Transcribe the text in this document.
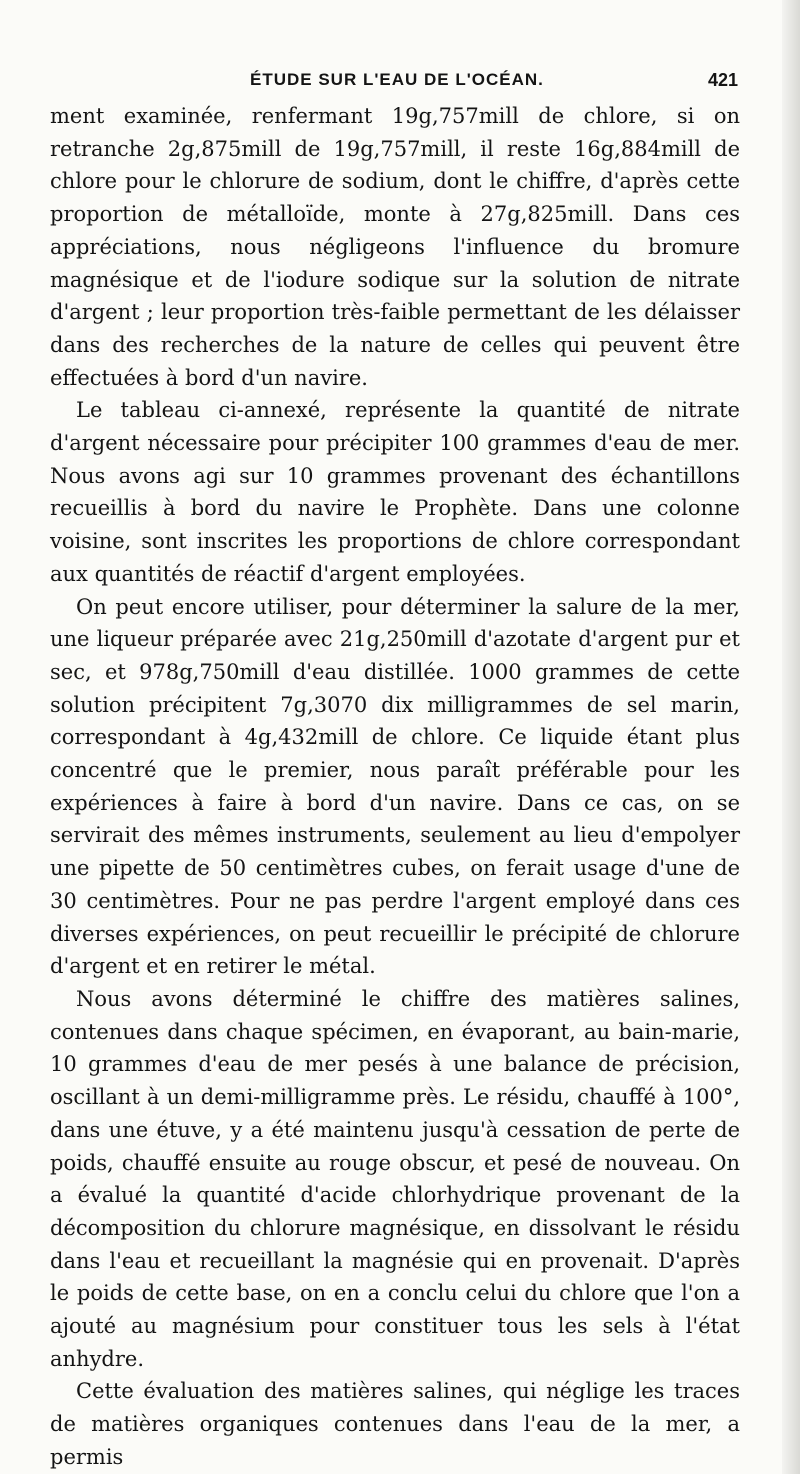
ÉTUDE SUR L'EAU DE L'OCÉAN.	421

ment examinée, renfermant 19g,757mill de chlore, si on retranche 2g,875mill de 19g,757mill, il reste 16g,884mill de chlore pour le chlorure de sodium, dont le chiffre, d'après cette proportion de métalloïde, monte à 27g,825mill. Dans ces appréciations, nous négligeons l'influence du bromure magnésique et de l'iodure sodique sur la solution de nitrate d'argent ; leur proportion très-faible permettant de les délaisser dans des recherches de la nature de celles qui peuvent être effectuées à bord d'un navire.

Le tableau ci-annexé, représente la quantité de nitrate d'argent nécessaire pour précipiter 100 grammes d'eau de mer. Nous avons agi sur 10 grammes provenant des échantillons recueillis à bord du navire le Prophète. Dans une colonne voisine, sont inscrites les proportions de chlore correspondant aux quantités de réactif d'argent employées.

On peut encore utiliser, pour déterminer la salure de la mer, une liqueur préparée avec 21g,250mill d'azotate d'argent pur et sec, et 978g,750mill d'eau distillée. 1000 grammes de cette solution précipitent 7g,3070 dix milligrammes de sel marin, correspondant à 4g,432mill de chlore. Ce liquide étant plus concentré que le premier, nous paraît préférable pour les expériences à faire à bord d'un navire. Dans ce cas, on se servirait des mêmes instruments, seulement au lieu d'empolyer une pipette de 50 centimètres cubes, on ferait usage d'une de 30 centimètres. Pour ne pas perdre l'argent employé dans ces diverses expériences, on peut recueillir le précipité de chlorure d'argent et en retirer le métal.

Nous avons déterminé le chiffre des matières salines, contenues dans chaque spécimen, en évaporant, au bain-marie, 10 grammes d'eau de mer pesés à une balance de précision, oscillant à un demi-milligramme près. Le résidu, chauffé à 100°, dans une étuve, y a été maintenu jusqu'à cessation de perte de poids, chauffé ensuite au rouge obscur, et pesé de nouveau. On a évalué la quantité d'acide chlorhydrique provenant de la décomposition du chlorure magnésique, en dissolvant le résidu dans l'eau et recueillant la magnésie qui en provenait. D'après le poids de cette base, on en a conclu celui du chlore que l'on a ajouté au magnésium pour constituer tous les sels à l'état anhydre.

Cette évaluation des matières salines, qui néglige les traces de matières organiques contenues dans l'eau de la mer, a permis
